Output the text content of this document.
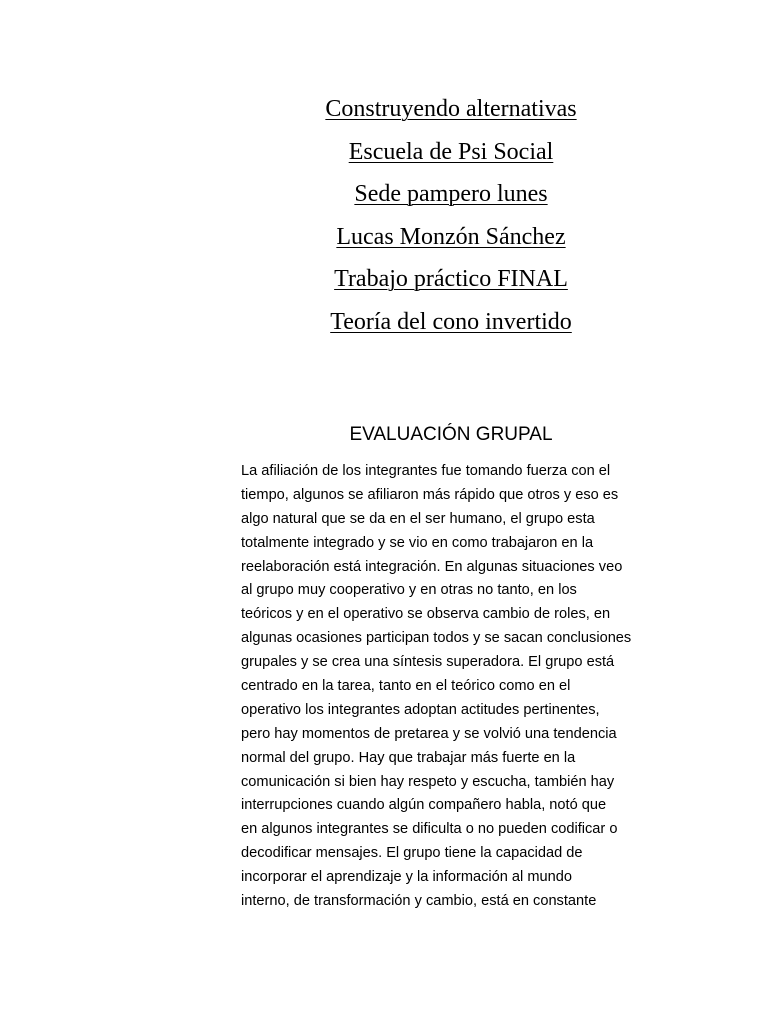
Construyendo alternativas
Escuela de Psi Social
Sede pampero lunes
Lucas Monzón Sánchez
Trabajo práctico FINAL
Teoría del cono invertido
EVALUACIÓN GRUPAL
La afiliación de los integrantes fue tomando fuerza con el
tiempo, algunos se afiliaron más rápido que otros y eso es
algo natural que se da en el ser humano, el grupo esta
totalmente integrado y se vio en como trabajaron en la
reelaboración está integración. En algunas situaciones veo
al grupo muy cooperativo y en otras no tanto, en los
teóricos y en el operativo se observa cambio de roles, en
algunas ocasiones participan todos y se sacan conclusiones
grupales y se crea una síntesis superadora. El grupo está
centrado en la tarea, tanto en el teórico como en el
operativo los integrantes adoptan actitudes pertinentes,
pero hay momentos de pretarea y se volvió una tendencia
normal del grupo. Hay que trabajar más fuerte en la
comunicación si bien hay respeto y escucha, también hay
interrupciones cuando algún compañero habla, notó que
en algunos integrantes se dificulta o no pueden codificar o
decodificar mensajes. El grupo tiene la capacidad de
incorporar el aprendizaje y la información al mundo
interno, de transformación y cambio, está en constante
